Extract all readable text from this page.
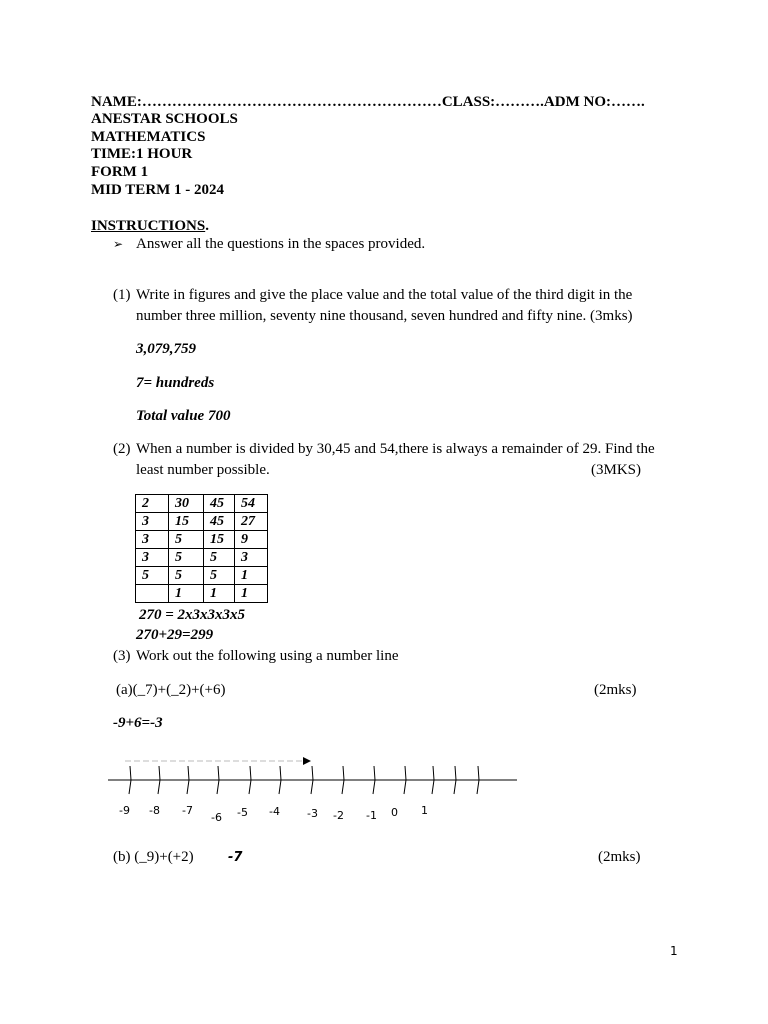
NAME:……………………………………………………CLASS:……….ADM NO:…….
ANESTAR SCHOOLS
MATHEMATICS
TIME:1 HOUR
FORM 1
MID TERM 1 - 2024
INSTRUCTIONS.
➢ Answer all the questions in the spaces provided.
(1) Write in figures and give the place value and the total value of the third digit in the
number three million, seventy nine thousand, seven hundred and fifty nine. (3mks)
3,079,759
7= hundreds
Total value 700
(2) When a number is divided by 30,45 and 54,there is always a remainder of 29. Find the
least number possible.	(3MKS)
2	30	45	54
3	15	45	27
3	5	15	9
3	5	5	3
5	5	5	1
	1	1	1
270 = 2x3x3x3x5
270+29=299
(3) Work out the following using a number line
(a)(_7)+(_2)+(+6)	(2mks)
-9+6=-3
-9 -8 -7
-6 -5 -4 -3 -2 -1 0 1
(b) (_9)+(+2)	-7	(2mks)
1
